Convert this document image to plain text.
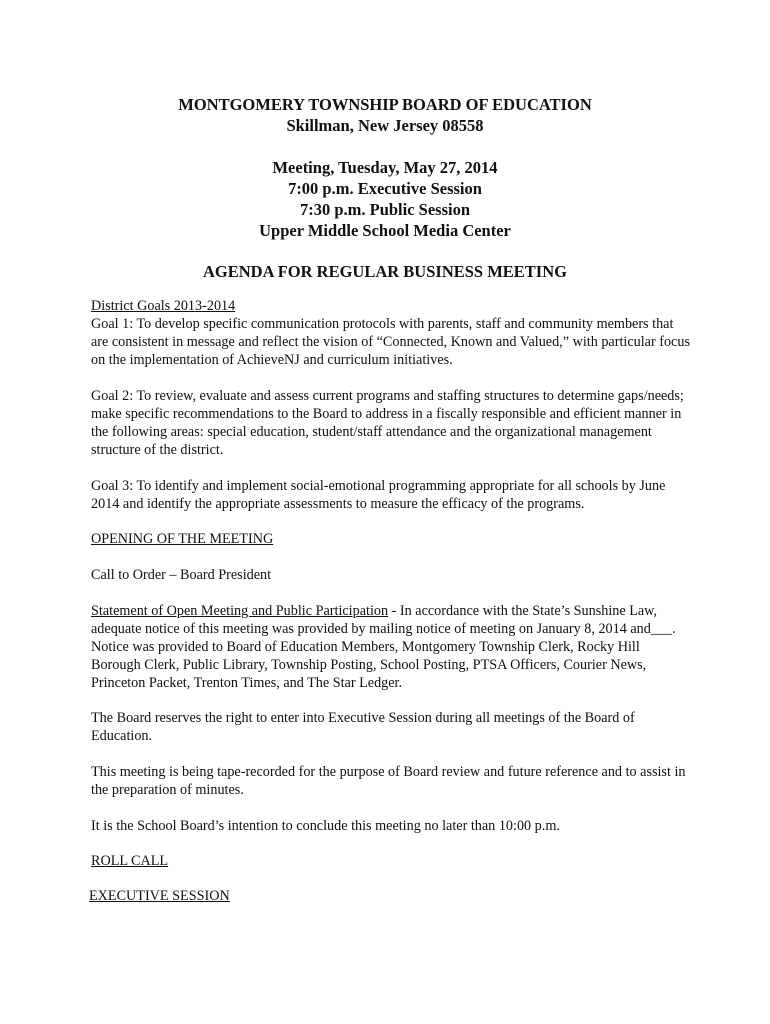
MONTGOMERY TOWNSHIP BOARD OF EDUCATION
Skillman, New Jersey 08558
Meeting, Tuesday, May 27, 2014
7:00 p.m. Executive Session
7:30 p.m. Public Session
Upper Middle School Media Center
AGENDA FOR REGULAR BUSINESS MEETING

District Goals 2013-2014

Goal 1: To develop specific communication protocols with parents, staff and community members that are consistent in message and reflect the vision of “Connected, Known and Valued,” with particular focus on the implementation of AchieveNJ and curriculum initiatives.

Goal 2: To review, evaluate and assess current programs and staffing structures to determine gaps/needs; make specific recommendations to the Board to address in a fiscally responsible and efficient manner in the following areas: special education, student/staff attendance and the organizational management structure of the district.
Goal 3: To identify and implement social-emotional programming appropriate for all schools by June 2014 and identify the appropriate assessments to measure the efficacy of the programs.
OPENING OF THE MEETING
Call to Order – Board President
Statement of Open Meeting and Public Participation - In accordance with the State’s Sunshine Law, adequate notice of this meeting was provided by mailing notice of meeting on January 8, 2014 and___. Notice was provided to Board of Education Members, Montgomery Township Clerk, Rocky Hill Borough Clerk, Public Library, Township Posting, School Posting, PTSA Officers, Courier News, Princeton Packet, Trenton Times, and The Star Ledger.
The Board reserves the right to enter into Executive Session during all meetings of the Board of Education.
This meeting is being tape-recorded for the purpose of Board review and future reference and to assist in the preparation of minutes.
It is the School Board’s intention to conclude this meeting no later than 10:00 p.m.
ROLL CALL
EXECUTIVE SESSION
